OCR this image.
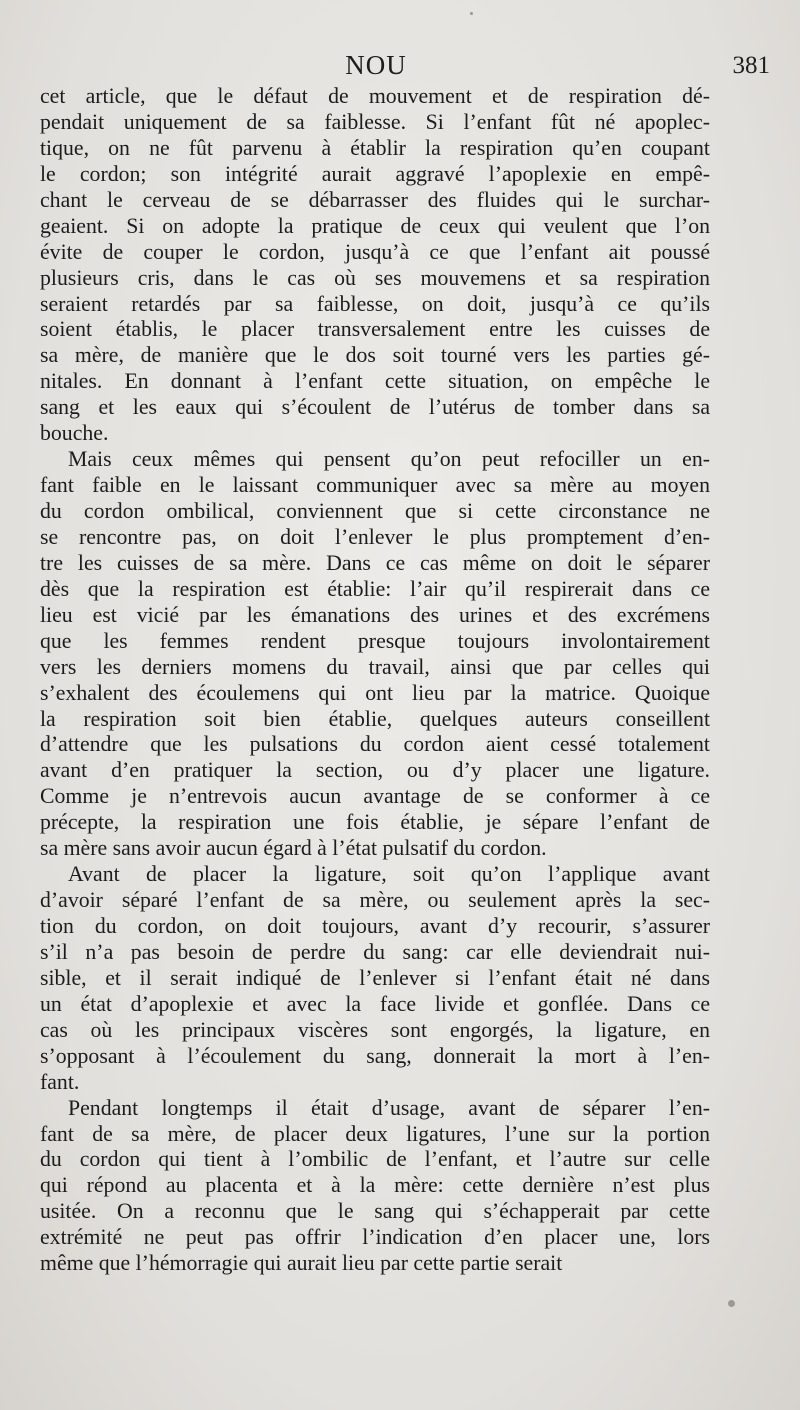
NOU	381
cet article, que le défaut de mouvement et de respiration dé-
pendait uniquement de sa faiblesse. Si l’enfant fût né apoplec-
tique, on ne fût parvenu à établir la respiration qu’en coupant
le cordon; son intégrité aurait aggravé l’apoplexie en empê-
chant le cerveau de se débarrasser des fluides qui le surchar-
geaient. Si on adopte la pratique de ceux qui veulent que l’on
évite de couper le cordon, jusqu’à ce que l’enfant ait poussé
plusieurs cris, dans le cas où ses mouvemens et sa respiration
seraient retardés par sa faiblesse, on doit, jusqu’à ce qu’ils
soient établis, le placer transversalement entre les cuisses de
sa mère, de manière que le dos soit tourné vers les parties gé-
nitales. En donnant à l’enfant cette situation, on empêche le
sang et les eaux qui s’écoulent de l’utérus de tomber dans sa
bouche.
Mais ceux mêmes qui pensent qu’on peut refociller un en-
fant faible en le laissant communiquer avec sa mère au moyen
du cordon ombilical, conviennent que si cette circonstance ne
se rencontre pas, on doit l’enlever le plus promptement d’en-
tre les cuisses de sa mère. Dans ce cas même on doit le séparer
dès que la respiration est établie: l’air qu’il respirerait dans ce
lieu est vicié par les émanations des urines et des excrémens
que les femmes rendent presque toujours involontairement
vers les derniers momens du travail, ainsi que par celles qui
s’exhalent des écoulemens qui ont lieu par la matrice. Quoique
la respiration soit bien établie, quelques auteurs conseillent
d’attendre que les pulsations du cordon aient cessé totalement
avant d’en pratiquer la section, ou d’y placer une ligature.
Comme je n’entrevois aucun avantage de se conformer à ce
précepte, la respiration une fois établie, je sépare l’enfant de
sa mère sans avoir aucun égard à l’état pulsatif du cordon.
Avant de placer la ligature, soit qu’on l’applique avant
d’avoir séparé l’enfant de sa mère, ou seulement après la sec-
tion du cordon, on doit toujours, avant d’y recourir, s’assurer
s’il n’a pas besoin de perdre du sang: car elle deviendrait nui-
sible, et il serait indiqué de l’enlever si l’enfant était né dans
un état d’apoplexie et avec la face livide et gonflée. Dans ce
cas où les principaux viscères sont engorgés, la ligature, en
s’opposant à l’écoulement du sang, donnerait la mort à l’en-
fant.
Pendant longtemps il était d’usage, avant de séparer l’en-
fant de sa mère, de placer deux ligatures, l’une sur la portion
du cordon qui tient à l’ombilic de l’enfant, et l’autre sur celle
qui répond au placenta et à la mère: cette dernière n’est plus
usitée. On a reconnu que le sang qui s’échapperait par cette
extrémité ne peut pas offrir l’indication d’en placer une, lors
même que l’hémorragie qui aurait lieu par cette partie serait
